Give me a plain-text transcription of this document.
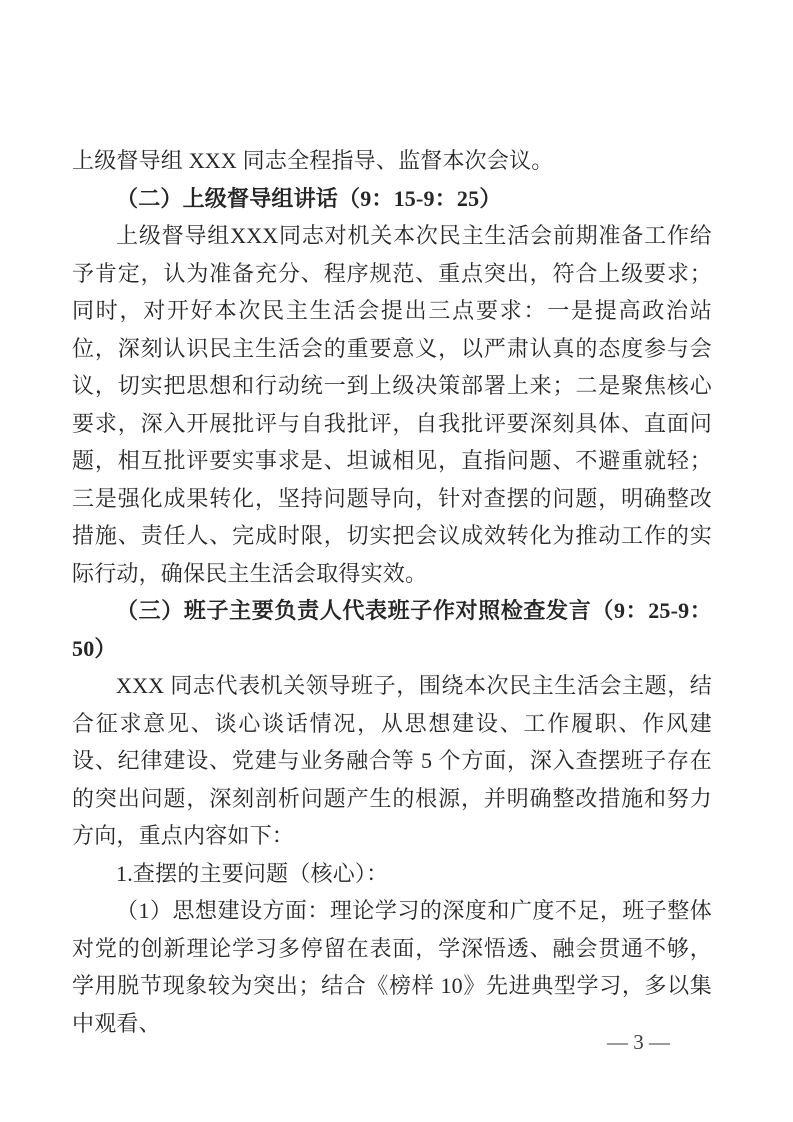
上级督导组 XXX 同志全程指导、监督本次会议。

（二）上级督导组讲话（9：15-9：25）

上级督导组XXX同志对机关本次民主生活会前期准备工作给予肯定，认为准备充分、程序规范、重点突出，符合上级要求；同时，对开好本次民主生活会提出三点要求：一是提高政治站位，深刻认识民主生活会的重要意义，以严肃认真的态度参与会议，切实把思想和行动统一到上级决策部署上来；二是聚焦核心要求，深入开展批评与自我批评，自我批评要深刻具体、直面问题，相互批评要实事求是、坦诚相见，直指问题、不避重就轻；三是强化成果转化，坚持问题导向，针对查摆的问题，明确整改措施、责任人、完成时限，切实把会议成效转化为推动工作的实际行动，确保民主生活会取得实效。

（三）班子主要负责人代表班子作对照检查发言（9：25-9：50）

XXX 同志代表机关领导班子，围绕本次民主生活会主题，结合征求意见、谈心谈话情况，从思想建设、工作履职、作风建设、纪律建设、党建与业务融合等 5 个方面，深入查摆班子存在的突出问题，深刻剖析问题产生的根源，并明确整改措施和努力方向，重点内容如下：

1.查摆的主要问题（核心）：

（1）思想建设方面：理论学习的深度和广度不足，班子整体对党的创新理论学习多停留在表面，学深悟透、融会贯通不够，学用脱节现象较为突出；结合《榜样 10》先进典型学习，多以集中观看、

— 3 —
